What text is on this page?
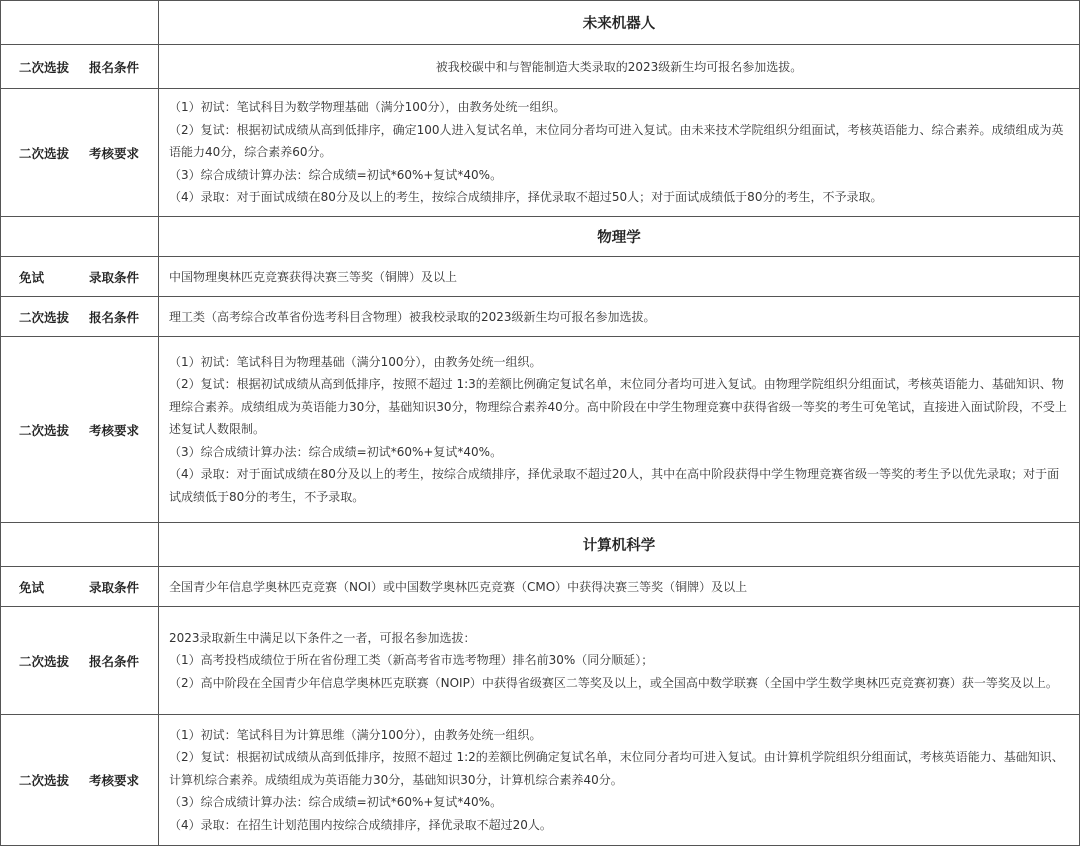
	未来机器人

二次选拔 报名条件	被我校碳中和与智能制造大类录取的2023级新生均可报名参加选拔。

二次选拔 考核要求	（1）初试：笔试科目为数学物理基础（满分100分），由教务处统一组织。
（2）复试：根据初试成绩从高到低排序，确定100人进入复试名单，末位同分者均可进入复试。由未来技术学院组织分组面试，考核英语能力、综合素养。成绩组成为英语能力40分，综合素养60分。
（3）综合成绩计算办法：综合成绩=初试*60%+复试*40%。
（4）录取：对于面试成绩在80分及以上的考生，按综合成绩排序，择优录取不超过50人；对于面试成绩低于80分的考生，不予录取。

	物理学

免试 录取条件	中国物理奥林匹克竞赛获得决赛三等奖（铜牌）及以上

二次选拔 报名条件	理工类（高考综合改革省份选考科目含物理）被我校录取的2023级新生均可报名参加选拔。

二次选拔 考核要求	（1）初试：笔试科目为物理基础（满分100分），由教务处统一组织。
（2）复试：根据初试成绩从高到低排序，按照不超过 1:3的差额比例确定复试名单，末位同分者均可进入复试。由物理学院组织分组面试，考核英语能力、基础知识、物理综合素养。成绩组成为英语能力30分，基础知识30分，物理综合素养40分。高中阶段在中学生物理竞赛中获得省级一等奖的考生可免笔试，直接进入面试阶段，不受上述复试人数限制。
（3）综合成绩计算办法：综合成绩=初试*60%+复试*40%。
（4）录取：对于面试成绩在80分及以上的考生，按综合成绩排序，择优录取不超过20人，其中在高中阶段获得中学生物理竞赛省级一等奖的考生予以优先录取；对于面试成绩低于80分的考生，不予录取。

	计算机科学

免试 录取条件	全国青少年信息学奥林匹克竞赛（NOI）或中国数学奥林匹克竞赛（CMO）中获得决赛三等奖（铜牌）及以上

二次选拔 报名条件	2023录取新生中满足以下条件之一者，可报名参加选拔：
（1）高考投档成绩位于所在省份理工类（新高考省市选考物理）排名前30%（同分顺延）；
（2）高中阶段在全国青少年信息学奥林匹克联赛（NOIP）中获得省级赛区二等奖及以上，或全国高中数学联赛（全国中学生数学奥林匹克竞赛初赛）获一等奖及以上。

二次选拔 考核要求	（1）初试：笔试科目为计算思维（满分100分），由教务处统一组织。
（2）复试：根据初试成绩从高到低排序，按照不超过 1:2的差额比例确定复试名单，末位同分者均可进入复试。由计算机学院组织分组面试，考核英语能力、基础知识、计算机综合素养。成绩组成为英语能力30分，基础知识30分，计算机综合素养40分。
（3）综合成绩计算办法：综合成绩=初试*60%+复试*40%。
（4）录取：在招生计划范围内按综合成绩排序，择优录取不超过20人。
